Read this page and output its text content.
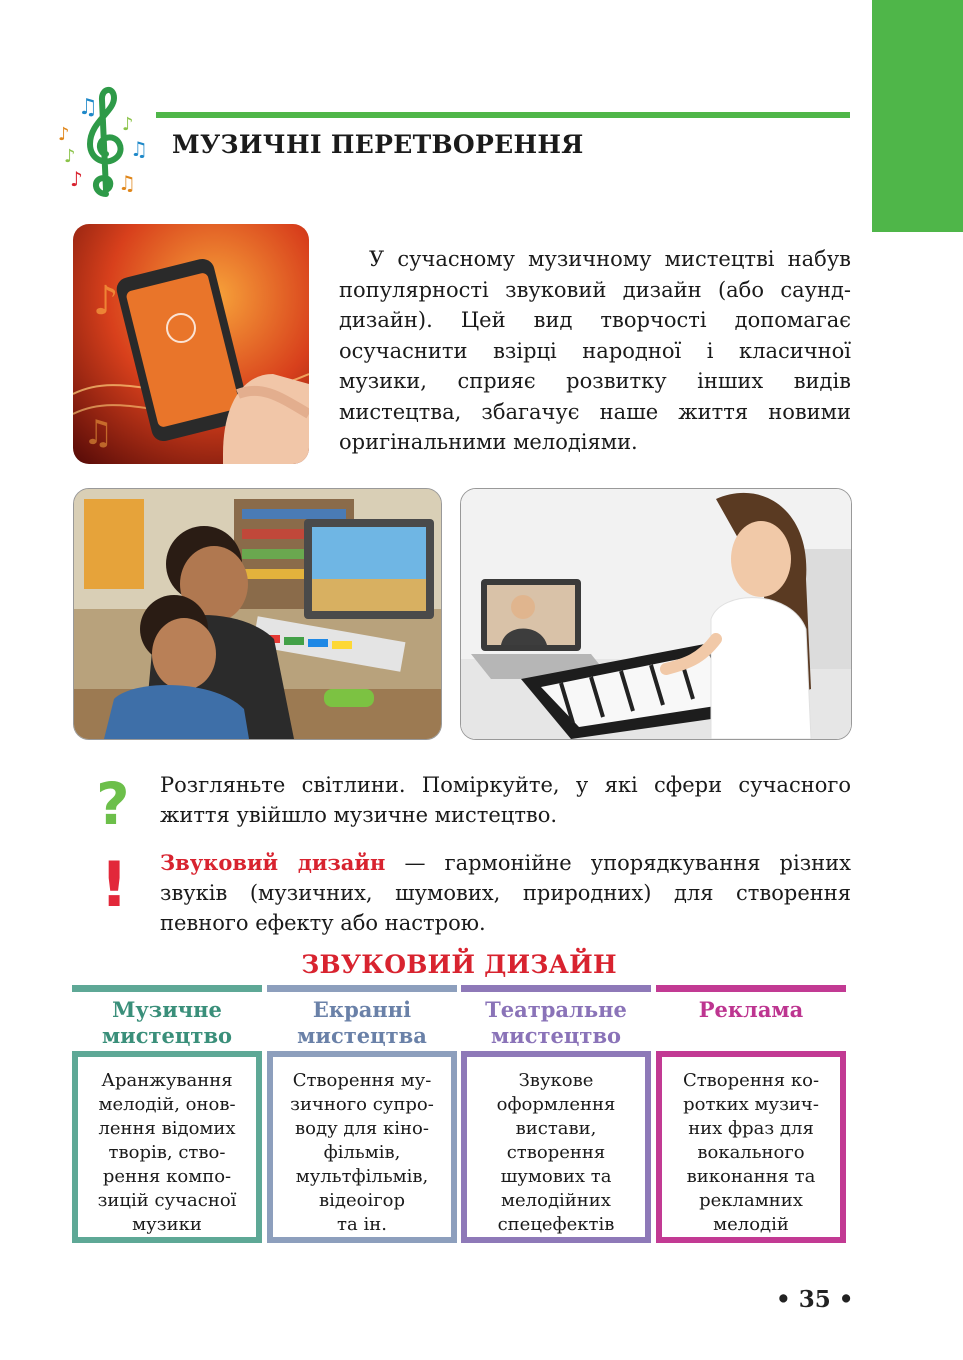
♫
♪
♪
♪
♪
♫
♫
МУЗИЧНІ ПЕРЕТВОРЕННЯ
♪
♫

У сучасному музичному мистецтві набув популярності звуковий дизайн (або саунд-дизайн). Цей вид творчості допомагає осучаснити взірці народної і класичної музики, сприяє розвитку інших видів мистецтва, збагачує наше життя новими оригінальними мелодіями.

? Розгляньте світлини. Поміркуйте, у які сфери сучасного життя увійшло музичне мистецтво.

! Звуковий дизайн — гармонійне упорядкування різних звуків (музичних, шумових, природних) для створення певного ефекту або настрою.

ЗВУКОВИЙ ДИЗАЙН
Музичне
мистецтво
Аранжування
мелодій, онов-
лення відомих
творів, ство-
рення компо-
зицій сучасної
музики
Екранні
мистецтва
Створення му-
зичного супро-
воду для кіно-
фільмів,
мультфільмів,
відеоігор
та ін.
Театральне
мистецтво
Звукове
оформлення
вистави,
створення
шумових та
мелодійних
спецефектів
Реклама
Створення ко-
ротких музич-
них фраз для
вокального
виконання та
рекламних
мелодій
• 35 •
